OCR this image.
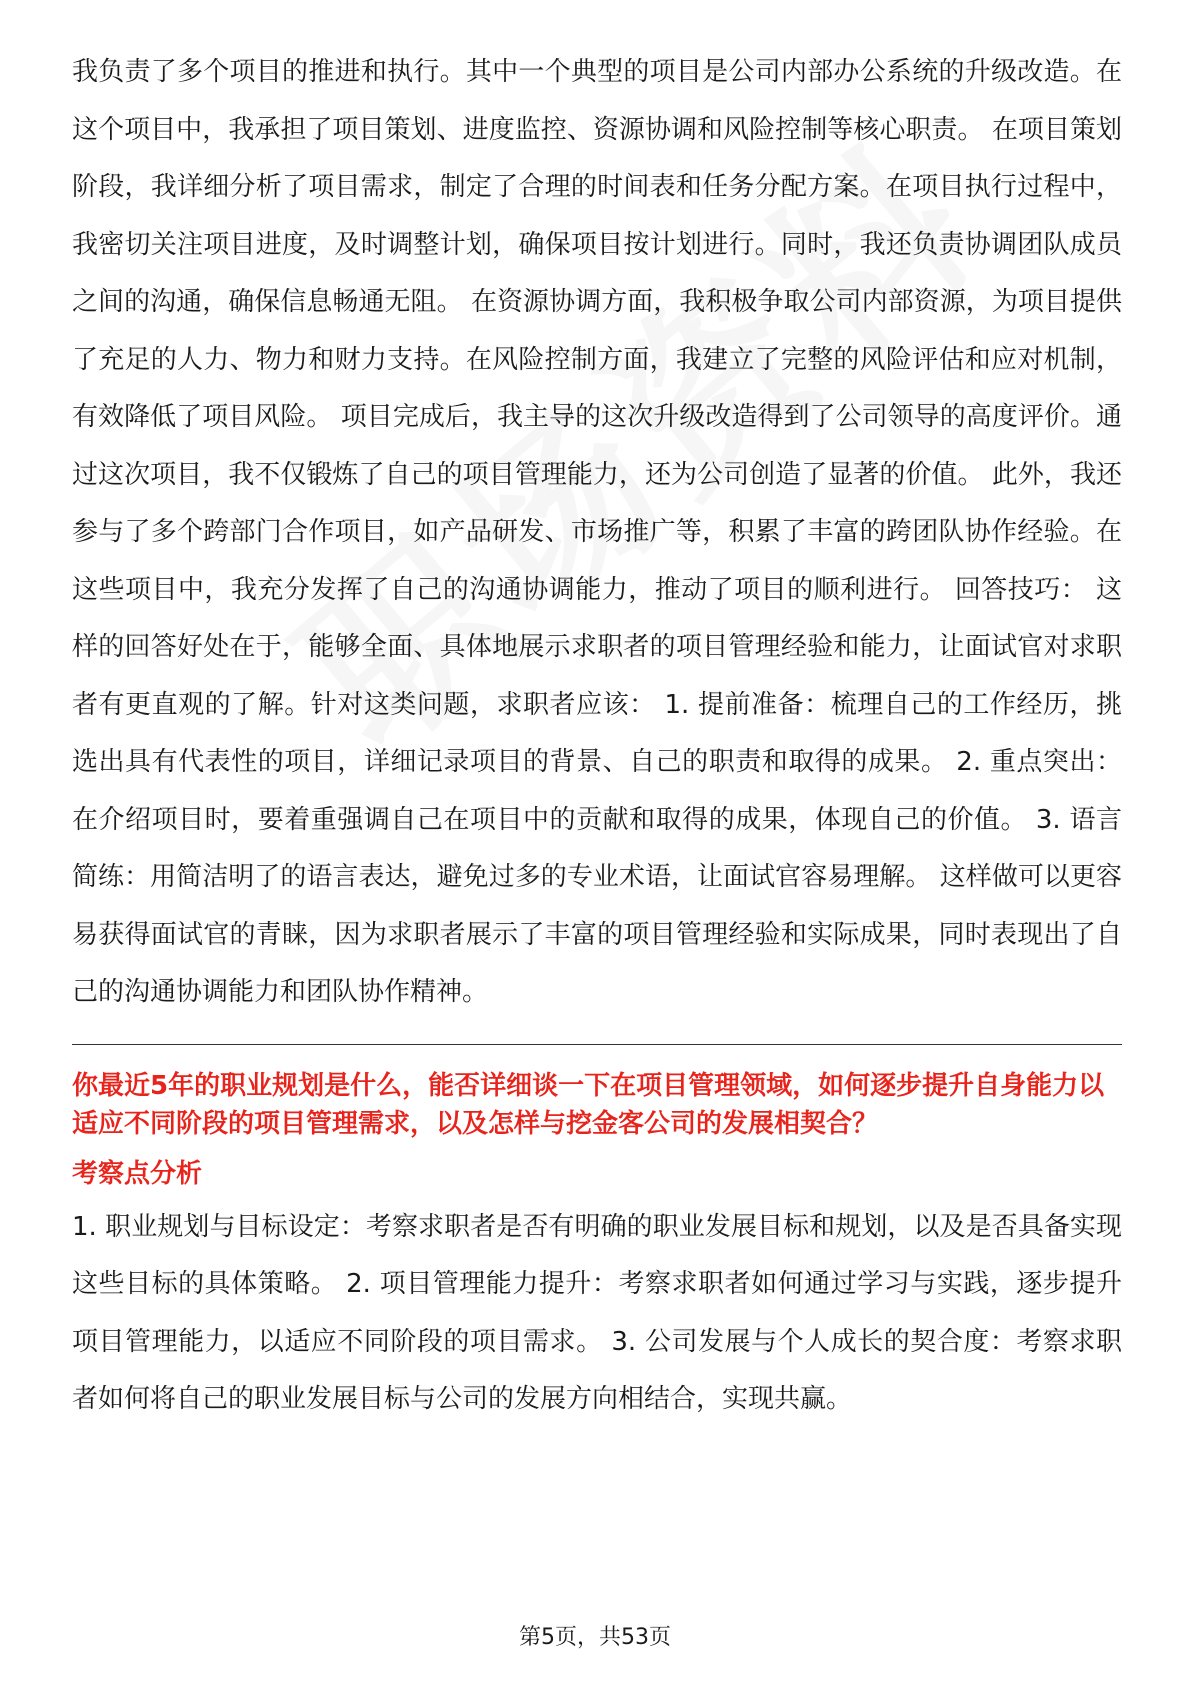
我负责了多个项目的推进和执行。其中一个典型的项目是公司内部办公系统的升级改造。在这个项目中，我承担了项目策划、进度监控、资源协调和风险控制等核心职责。 在项目策划阶段，我详细分析了项目需求，制定了合理的时间表和任务分配方案。在项目执行过程中，我密切关注项目进度，及时调整计划，确保项目按计划进行。同时，我还负责协调团队成员之间的沟通，确保信息畅通无阻。 在资源协调方面，我积极争取公司内部资源，为项目提供了充足的人力、物力和财力支持。在风险控制方面，我建立了完整的风险评估和应对机制，有效降低了项目风险。 项目完成后，我主导的这次升级改造得到了公司领导的高度评价。通过这次项目，我不仅锻炼了自己的项目管理能力，还为公司创造了显著的价值。 此外，我还参与了多个跨部门合作项目，如产品研发、市场推广等，积累了丰富的跨团队协作经验。在这些项目中，我充分发挥了自己的沟通协调能力，推动了项目的顺利进行。 回答技巧： 这样的回答好处在于，能够全面、具体地展示求职者的项目管理经验和能力，让面试官对求职者有更直观的了解。针对这类问题，求职者应该： 1. 提前准备：梳理自己的工作经历，挑选出具有代表性的项目，详细记录项目的背景、自己的职责和取得的成果。 2. 重点突出：在介绍项目时，要着重强调自己在项目中的贡献和取得的成果，体现自己的价值。 3. 语言简练：用简洁明了的语言表达，避免过多的专业术语，让面试官容易理解。 这样做可以更容易获得面试官的青睐，因为求职者展示了丰富的项目管理经验和实际成果，同时表现出了自己的沟通协调能力和团队协作精神。

你最近5年的职业规划是什么，能否详细谈一下在项目管理领域，如何逐步提升自身能力以适应不同阶段的项目管理需求，以及怎样与挖金客公司的发展相契合？

考察点分析

1. 职业规划与目标设定：考察求职者是否有明确的职业发展目标和规划，以及是否具备实现这些目标的具体策略。 2. 项目管理能力提升：考察求职者如何通过学习与实践，逐步提升项目管理能力，以适应不同阶段的项目需求。 3. 公司发展与个人成长的契合度：考察求职者如何将自己的职业发展目标与公司的发展方向相结合，实现共赢。

第5页，共53页
